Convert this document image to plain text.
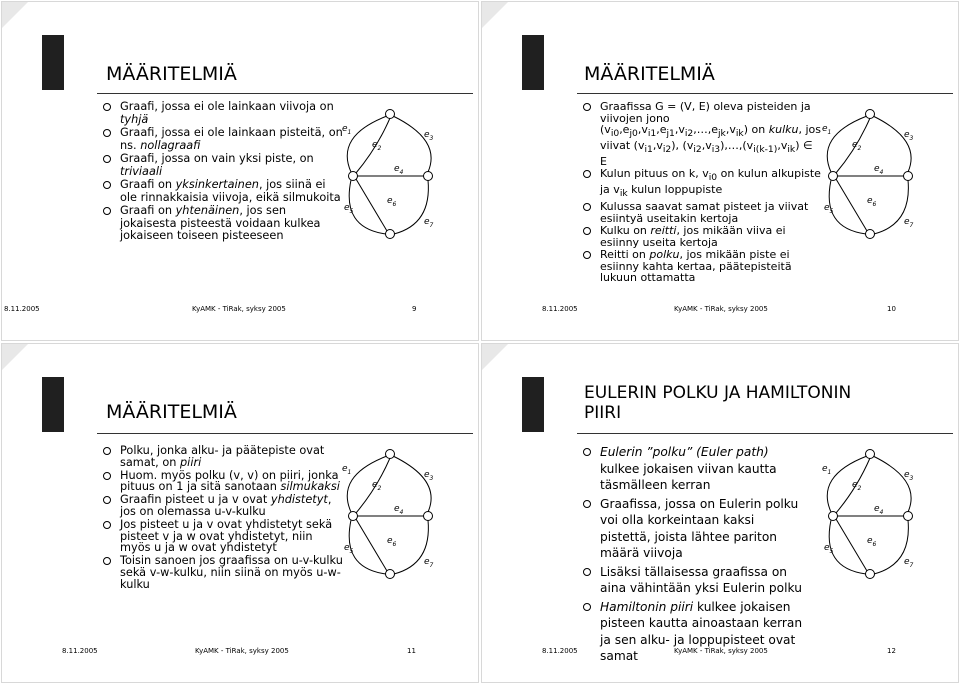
MÄÄRITELMIÄ
Graafi, jossa ei ole lainkaan viivoja on tyhjä
Graafi, jossa ei ole lainkaan pisteitä, on ns. nollagraafi
Graafi, jossa on vain yksi piste, on triviaali
Graafi on yksinkertainen, jos siinä ei ole rinnakkaisia viivoja, eikä silmukoita
Graafi on yhtenäinen, jos sen jokaisesta pisteestä voidaan kulkea jokaiseen toiseen pisteeseen
$e_1$
$e_2$
$e_3$
$e_4$
$e_5$
$e_6$
$e_7$
8.11.2005	KyAMK - TiRak, syksy 2005	9
MÄÄRITELMIÄ
Graafissa G = (V, E) oleva pisteiden ja viivojen jono $(v_{i0},e_{j0},v_{i1},e_{j1},v_{i2},\dots,e_{jk},v_{ik})$ on kulku, jos viivat $(v_{i1},v_{i2})$, $(v_{i2},v_{i3}),\dots,(v_{i(k-1)},v_{ik})$ ∈ E
Kulun pituus on k, $v_{i0}$ on kulun alkupiste ja $v_{ik}$ kulun loppupiste
Kulussa saavat samat pisteet ja viivat esiintyä useitakin kertoja
Kulku on reitti, jos mikään viiva ei esiinny useita kertoja
Reitti on polku, jos mikään piste ei esiinny kahta kertaa, päätepisteitä lukuun ottamatta
$e_1$
$e_2$
$e_3$
$e_4$
$e_5$
$e_6$
$e_7$
8.11.2005	KyAMK - TiRak, syksy 2005	10
MÄÄRITELMIÄ
Polku, jonka alku- ja päätepiste ovat samat, on piiri
Huom. myös polku (v, v) on piiri, jonka pituus on 1 ja sitä sanotaan silmukaksi
Graafin pisteet u ja v ovat yhdistetyt, jos on olemassa u-v-kulku
Jos pisteet u ja v ovat yhdistetyt sekä pisteet v ja w ovat yhdistetyt, niin myös u ja w ovat yhdistetyt
Toisin sanoen jos graafissa on u-v-kulku sekä v-w-kulku, niin siinä on myös u-w-kulku
$e_1$
$e_2$
$e_3$
$e_4$
$e_5$
$e_6$
$e_7$
8.11.2005	KyAMK - TiRak, syksy 2005	11
EULERIN POLKU JA HAMILTONIN
PIIRI
Eulerin ”polku” (Euler path) kulkee jokaisen viivan kautta täsmälleen kerran
Graafissa, jossa on Eulerin polku voi olla korkeintaan kaksi pistettä, joista lähtee pariton määrä viivoja
Lisäksi tällaisessa graafissa on aina vähintään yksi Eulerin polku
Hamiltonin piiri kulkee jokaisen pisteen kautta ainoastaan kerran ja sen alku- ja loppupisteet ovat samat
$e_1$
$e_2$
$e_3$
$e_4$
$e_5$
$e_6$
$e_7$
8.11.2005	KyAMK - TiRak, syksy 2005	12
